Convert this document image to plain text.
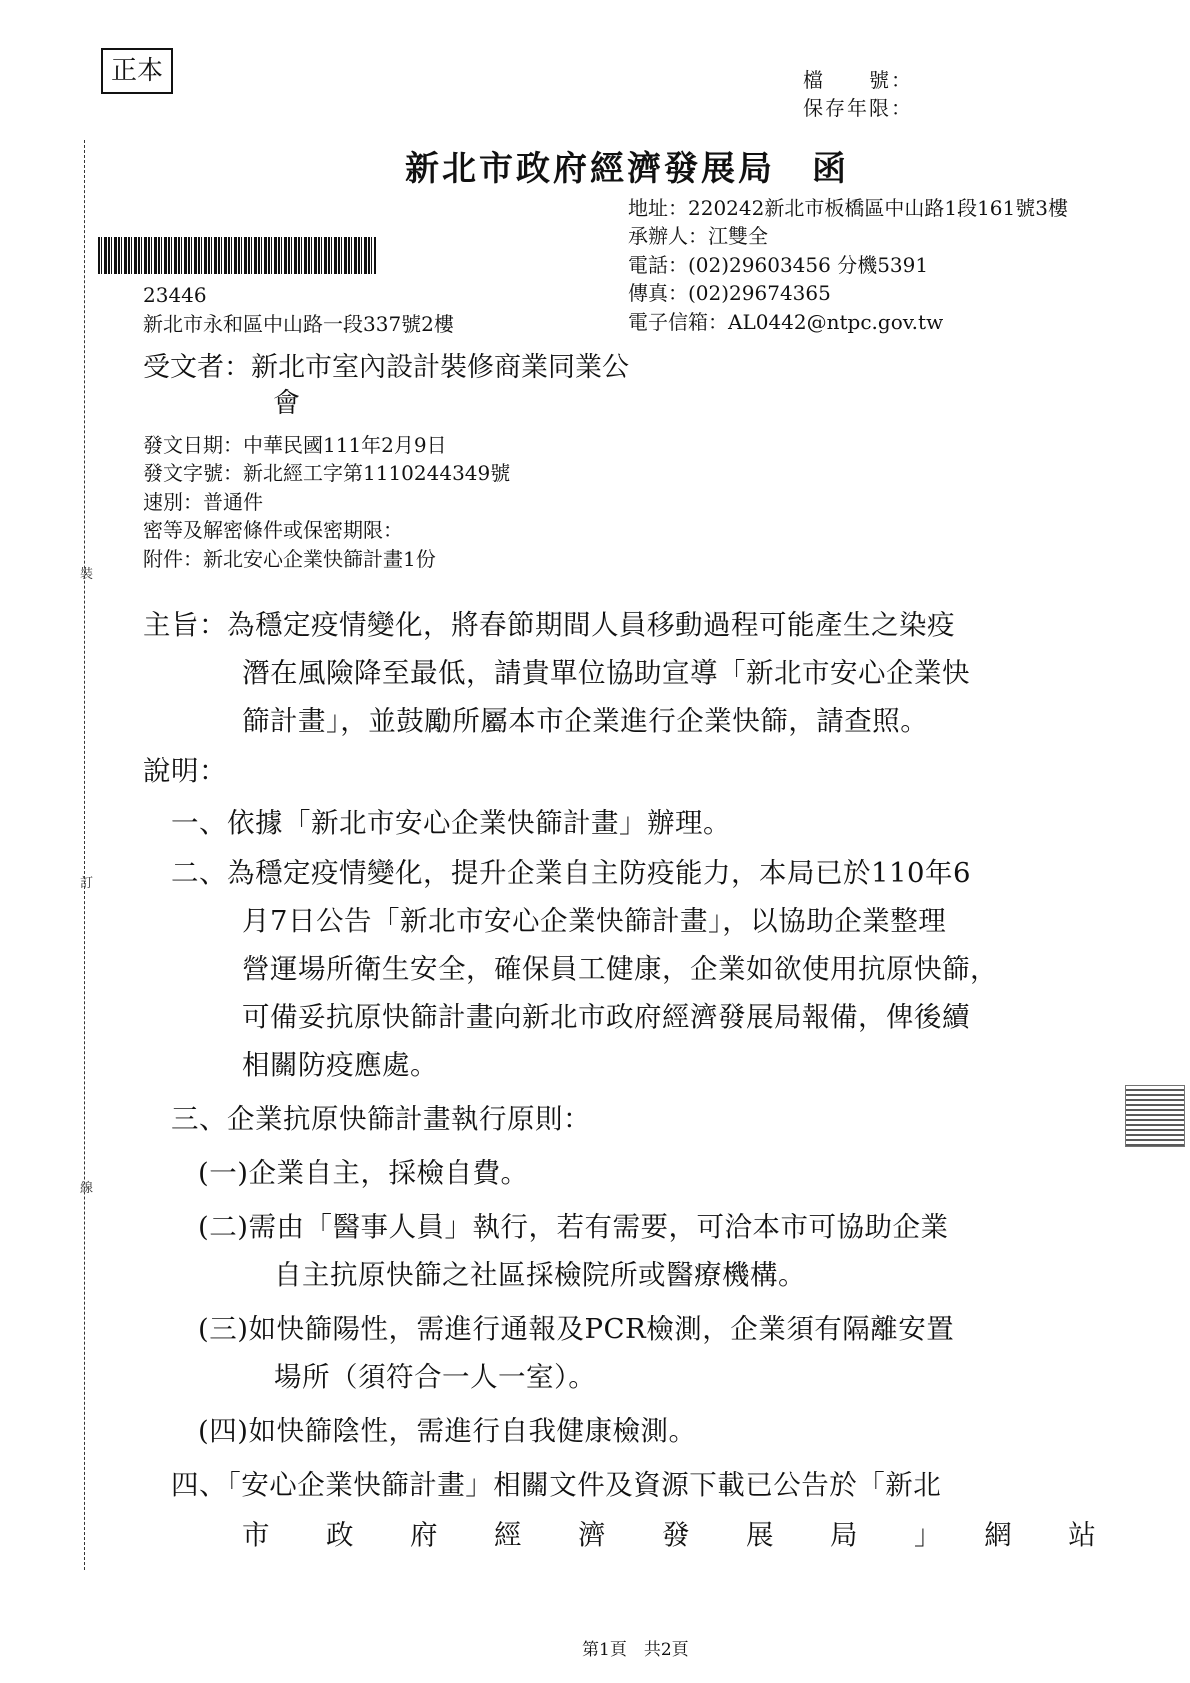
正本	檔　　號：
保存年限：
新北市政府經濟發展局　函
裝
訂
線
地址：220242新北市板橋區中山路1段161號3樓
承辦人：江雙全
電話：(02)29603456 分機5391
傳真：(02)29674365
電子信箱：AL0442@ntpc.gov.tw
23446
新北市永和區中山路一段337號2樓
受文者：新北市室內設計裝修商業同業公
會
發文日期：中華民國111年2月9日
發文字號：新北經工字第1110244349號
速別：普通件
密等及解密條件或保密期限：
附件：新北安心企業快篩計畫1份
主旨：為穩定疫情變化，將春節期間人員移動過程可能產生之染疫
潛在風險降至最低，請貴單位協助宣導「新北市安心企業快
篩計畫」，並鼓勵所屬本市企業進行企業快篩，請查照。
說明：
一、依據「新北市安心企業快篩計畫」辦理。
二、為穩定疫情變化，提升企業自主防疫能力，本局已於110年6
月7日公告「新北市安心企業快篩計畫」，以協助企業整理
營運場所衛生安全，確保員工健康，企業如欲使用抗原快篩，
可備妥抗原快篩計畫向新北市政府經濟發展局報備，俾後續
相關防疫應處。
三、企業抗原快篩計畫執行原則：
(一)企業自主，採檢自費。
(二)需由「醫事人員」執行，若有需要，可洽本市可協助企業
自主抗原快篩之社區採檢院所或醫療機構。
(三)如快篩陽性，需進行通報及PCR檢測，企業須有隔離安置
場所（須符合一人一室）。
(四)如快篩陰性，需進行自我健康檢測。
四、「安心企業快篩計畫」相關文件及資源下載已公告於「新北
市　　政　　府　　經　　濟　　發　　展　　局　　」　　網　　站
第1頁　共2頁
